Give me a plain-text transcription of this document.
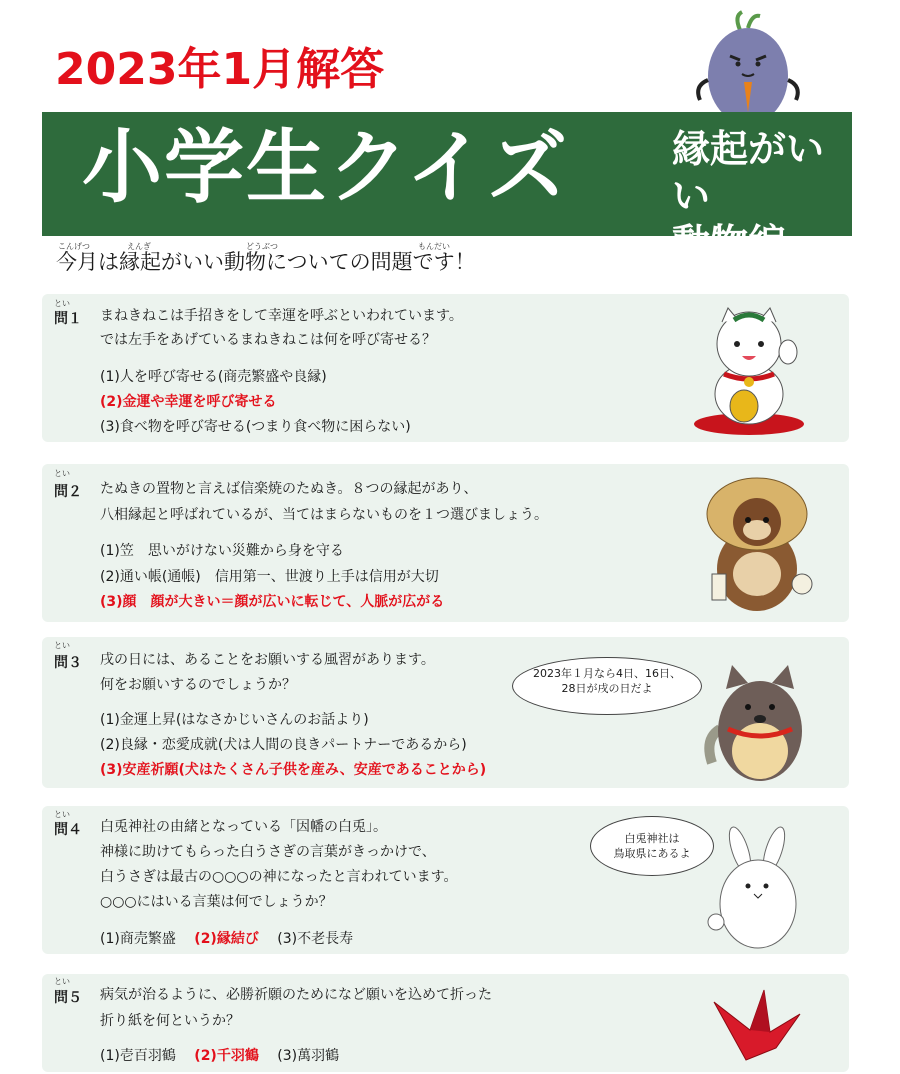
2023年1月解答
小学生クイズ	縁起がいい
動物編
こんげつ	えんぎ	どうぶつ	もんだい
今月は縁起がいい動物についての問題です！
とい
問１ まねきねこは手招きをして幸運を呼ぶといわれています。
では左手をあげているまねきねこは何を呼び寄せる？
(1)人を呼び寄せる(商売繁盛や良縁)
(2)金運や幸運を呼び寄せる
(3)食べ物を呼び寄せる(つまり食べ物に困らない)
とい
問２ たぬきの置物と言えば信楽焼のたぬき。８つの縁起があり、
八相縁起と呼ばれているが、当てはまらないものを１つ選びましょう。
(1)笠　思いがけない災難から身を守る
(2)通い帳(通帳)　信用第一、世渡り上手は信用が大切
(3)顔　顔が大きい＝顔が広いに転じて、人脈が広がる
とい
問３ 戌の日には、あることをお願いする風習があります。
何をお願いするのでしょうか？
(1)金運上昇(はなさかじいさんのお話より)
(2)良縁・恋愛成就(犬は人間の良きパートナーであるから)
(3)安産祈願(犬はたくさん子供を産み、安産であることから)
2023年１月なら4日、16日、
28日が戌の日だよ
とい
問４ 白兎神社の由緒となっている「因幡の白兎」。
神様に助けてもらった白うさぎの言葉がきっかけで、
白うさぎは最古の○○○の神になったと言われています。
○○○にはいる言葉は何でしょうか？
(1)商売繁盛 (2)縁結び (3)不老長寿
白兎神社は
鳥取県にあるよ
とい
問５ 病気が治るように、必勝祈願のためになど願いを込めて折った
折り紙を何というか？
(1)壱百羽鶴 (2)千羽鶴 (3)萬羽鶴
